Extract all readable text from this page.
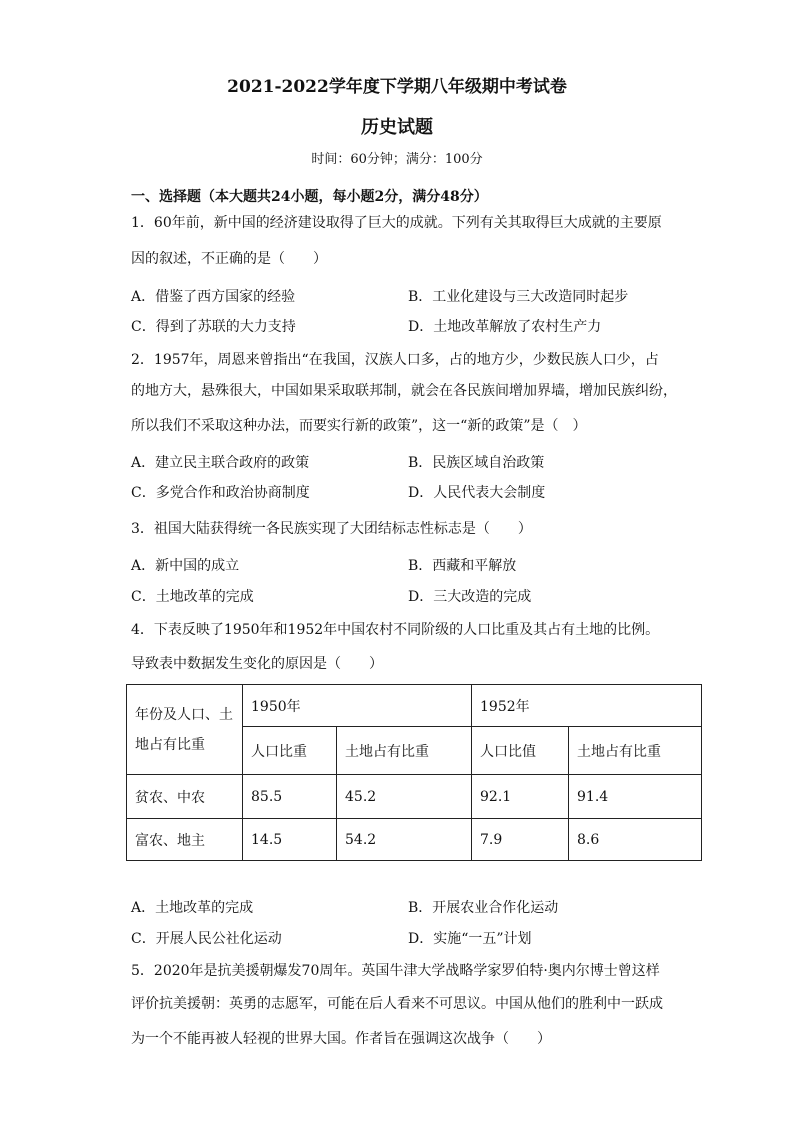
2021-2022学年度下学期八年级期中考试卷
历史试题
时间：60分钟；满分：100分
一、选择题（本大题共24小题，每小题2分，满分48分）
1．60年前，新中国的经济建设取得了巨大的成就。下列有关其取得巨大成就的主要原
因的叙述，不正确的是（　　）
A．借鉴了西方国家的经验	B．工业化建设与三大改造同时起步
C．得到了苏联的大力支持	D．土地改革解放了农村生产力
2．1957年，周恩来曾指出“在我国，汉族人口多，占的地方少，少数民族人口少，占
的地方大，悬殊很大，中国如果采取联邦制，就会在各民族间增加界墙，增加民族纠纷，
所以我们不采取这种办法，而要实行新的政策”，这一“新的政策”是（　）
A．建立民主联合政府的政策	B．民族区域自治政策
C．多党合作和政治协商制度	D．人民代表大会制度
3．祖国大陆获得统一各民族实现了大团结标志性标志是（　　）
A．新中国的成立	B．西藏和平解放
C．土地改革的完成	D．三大改造的完成
4．下表反映了1950年和1952年中国农村不同阶级的人口比重及其占有土地的比例。
导致表中数据发生变化的原因是（　　）
年份及人口、土地占有比重	1950年		1952年	
	人口比重	土地占有比重	人口比值	土地占有比重
贫农、中农	85.5	45.2	92.1	91.4
富农、地主	14.5	54.2	7.9	8.6
A．土地改革的完成	B．开展农业合作化运动
C．开展人民公社化运动	D．实施“一五”计划
5．2020年是抗美援朝爆发70周年。英国牛津大学战略学家罗伯特·奥内尔博士曾这样
评价抗美援朝：英勇的志愿军，可能在后人看来不可思议。中国从他们的胜利中一跃成
为一个不能再被人轻视的世界大国。作者旨在强调这次战争（　　）
